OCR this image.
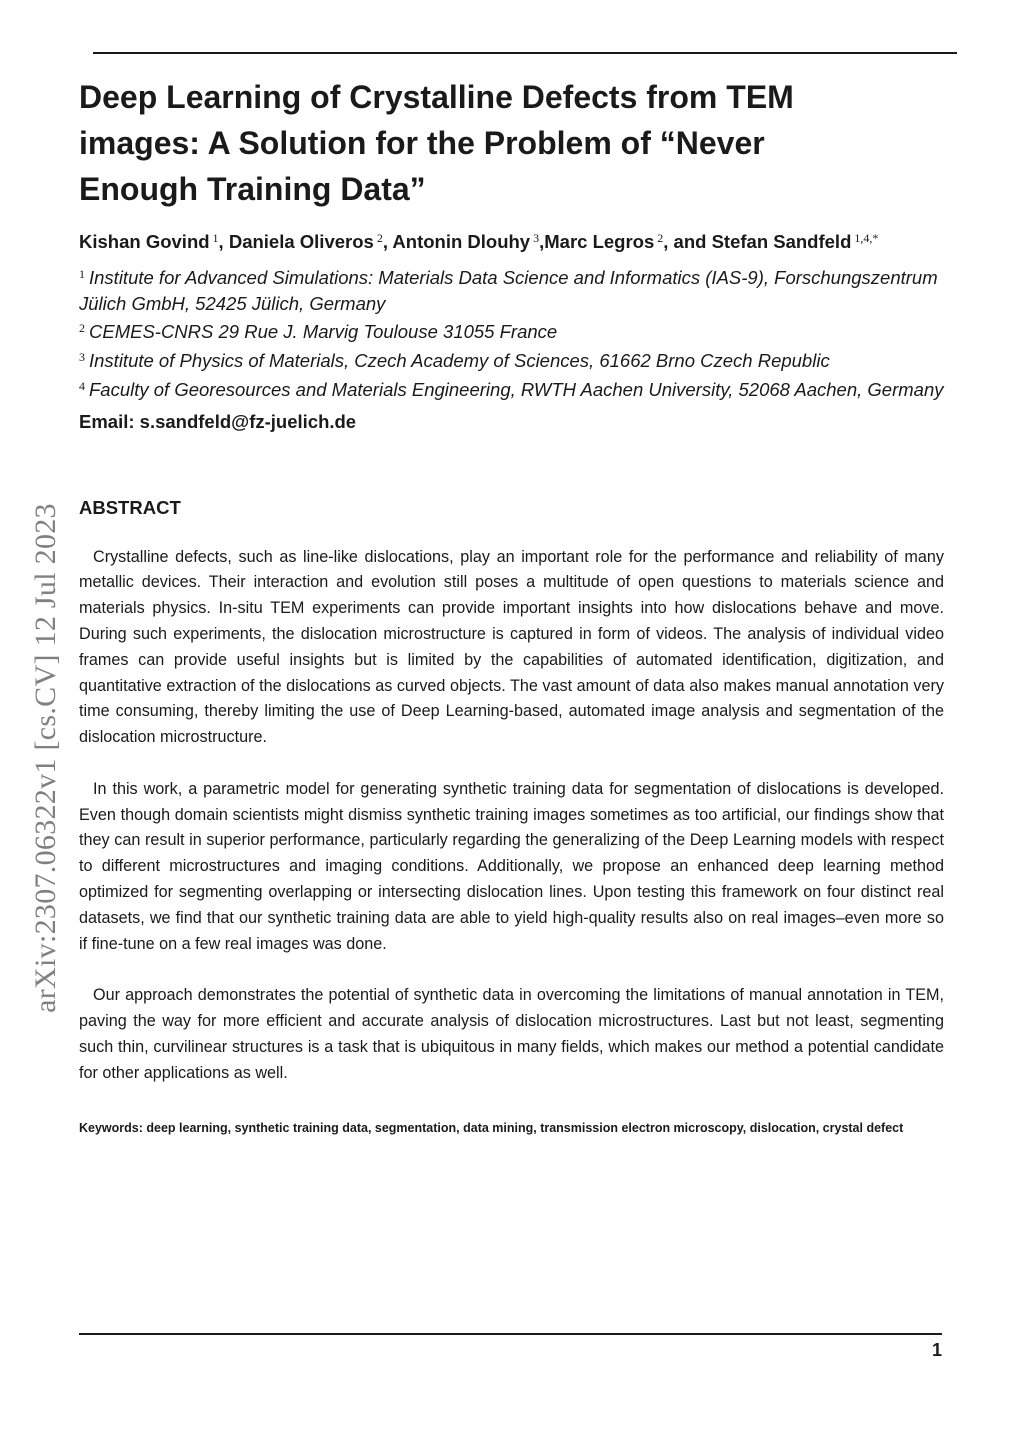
arXiv:2307.06322v1 [cs.CV] 12 Jul 2023
Deep Learning of Crystalline Defects from TEM images: A Solution for the Problem of “Never Enough Training Data”
Kishan Govind $^1$, Daniela Oliveros $^2$, Antonin Dlouhy $^3$,Marc Legros $^2$, and Stefan Sandfeld $^{1,4,*}$
$^1$ Institute for Advanced Simulations: Materials Data Science and Informatics (IAS-9), Forschungszentrum Jülich GmbH, 52425 Jülich, Germany
$^2$ CEMES-CNRS 29 Rue J. Marvig Toulouse 31055 France
$^3$ Institute of Physics of Materials, Czech Academy of Sciences, 61662 Brno Czech Republic
$^4$ Faculty of Georesources and Materials Engineering, RWTH Aachen University, 52068 Aachen, Germany
Email: s.sandfeld@fz-juelich.de
ABSTRACT

Crystalline defects, such as line-like dislocations, play an important role for the performance and reliability of many metallic devices. Their interaction and evolution still poses a multitude of open questions to materials science and materials physics. In-situ TEM experiments can provide important insights into how dislocations behave and move. During such experiments, the dislocation microstructure is captured in form of videos. The analysis of individual video frames can provide useful insights but is limited by the capabilities of automated identification, digitization, and quantitative extraction of the dislocations as curved objects. The vast amount of data also makes manual annotation very time consuming, thereby limiting the use of Deep Learning-based, automated image analysis and segmentation of the dislocation microstructure.

In this work, a parametric model for generating synthetic training data for segmentation of dislocations is developed. Even though domain scientists might dismiss synthetic training images sometimes as too artificial, our findings show that they can result in superior performance, particularly regarding the generalizing of the Deep Learning models with respect to different microstructures and imaging conditions. Additionally, we propose an enhanced deep learning method optimized for segmenting overlapping or intersecting dislocation lines. Upon testing this framework on four distinct real datasets, we find that our synthetic training data are able to yield high-quality results also on real images–even more so if fine-tune on a few real images was done.

Our approach demonstrates the potential of synthetic data in overcoming the limitations of manual annotation in TEM, paving the way for more efficient and accurate analysis of dislocation microstructures. Last but not least, segmenting such thin, curvilinear structures is a task that is ubiquitous in many fields, which makes our method a potential candidate for other applications as well.

Keywords: deep learning, synthetic training data, segmentation, data mining, transmission electron microscopy, dislocation, crystal defect
1
